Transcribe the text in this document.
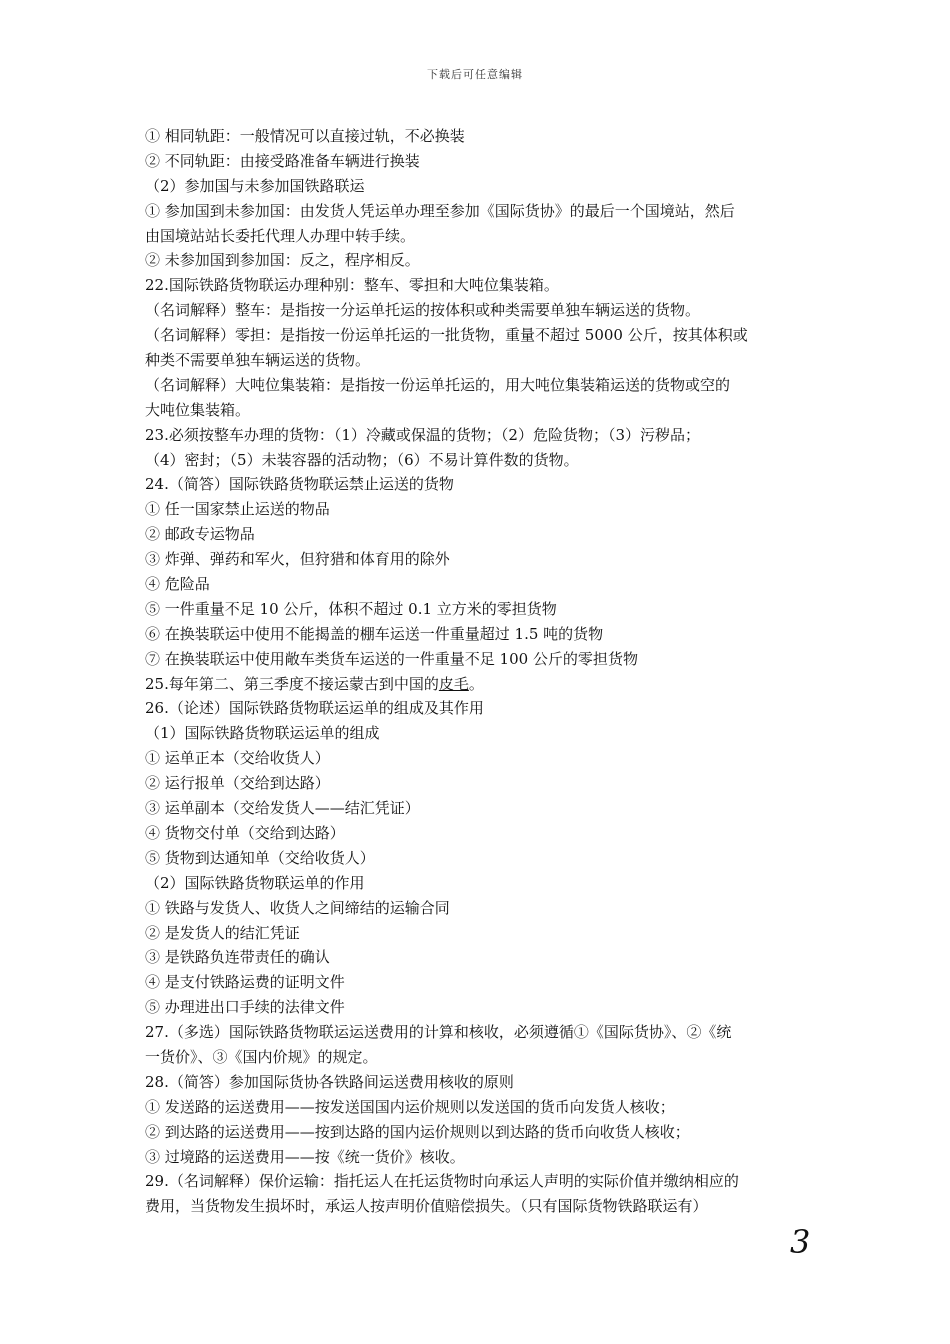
下载后可任意编辑
① 相同轨距：一般情况可以直接过轨，不必换装
② 不同轨距：由接受路准备车辆进行换装
（2）参加国与未参加国铁路联运
① 参加国到未参加国：由发货人凭运单办理至参加《国际货协》的最后一个国境站，然后
由国境站站长委托代理人办理中转手续。
② 未参加国到参加国：反之，程序相反。
22.国际铁路货物联运办理种别：整车、零担和大吨位集装箱。
（名词解释）整车：是指按一分运单托运的按体积或种类需要单独车辆运送的货物。
（名词解释）零担：是指按一份运单托运的一批货物，重量不超过 5000 公斤，按其体积或
种类不需要单独车辆运送的货物。
（名词解释）大吨位集装箱：是指按一份运单托运的，用大吨位集装箱运送的货物或空的
大吨位集装箱。
23.必须按整车办理的货物：（1）冷藏或保温的货物；（2）危险货物；（3）污秽品；
（4）密封；（5）未装容器的活动物；（6）不易计算件数的货物。
24.（简答）国际铁路货物联运禁止运送的货物
① 任一国家禁止运送的物品
② 邮政专运物品
③ 炸弹、弹药和军火，但狩猎和体育用的除外
④ 危险品
⑤ 一件重量不足 10 公斤，体积不超过 0.1 立方米的零担货物
⑥ 在换装联运中使用不能揭盖的棚车运送一件重量超过 1.5 吨的货物
⑦ 在换装联运中使用敞车类货车运送的一件重量不足 100 公斤的零担货物
25.每年第二、第三季度不接运蒙古到中国的皮毛。
26.（论述）国际铁路货物联运运单的组成及其作用
（1）国际铁路货物联运运单的组成
① 运单正本（交给收货人）
② 运行报单（交给到达路）
③ 运单副本（交给发货人——结汇凭证）
④ 货物交付单（交给到达路）
⑤ 货物到达通知单（交给收货人）
（2）国际铁路货物联运单的作用
① 铁路与发货人、收货人之间缔结的运输合同
② 是发货人的结汇凭证
③ 是铁路负连带责任的确认
④ 是支付铁路运费的证明文件
⑤ 办理进出口手续的法律文件
27.（多选）国际铁路货物联运运送费用的计算和核收，必须遵循①《国际货协》、②《统
一货价》、③《国内价规》的规定。
28.（简答）参加国际货协各铁路间运送费用核收的原则
① 发送路的运送费用——按发送国国内运价规则以发送国的货币向发货人核收；
② 到达路的运送费用——按到达路的国内运价规则以到达路的货币向收货人核收；
③ 过境路的运送费用——按《统一货价》核收。
29.（名词解释）保价运输：指托运人在托运货物时向承运人声明的实际价值并缴纳相应的
费用，当货物发生损坏时，承运人按声明价值赔偿损失。（只有国际货物铁路联运有）
3
